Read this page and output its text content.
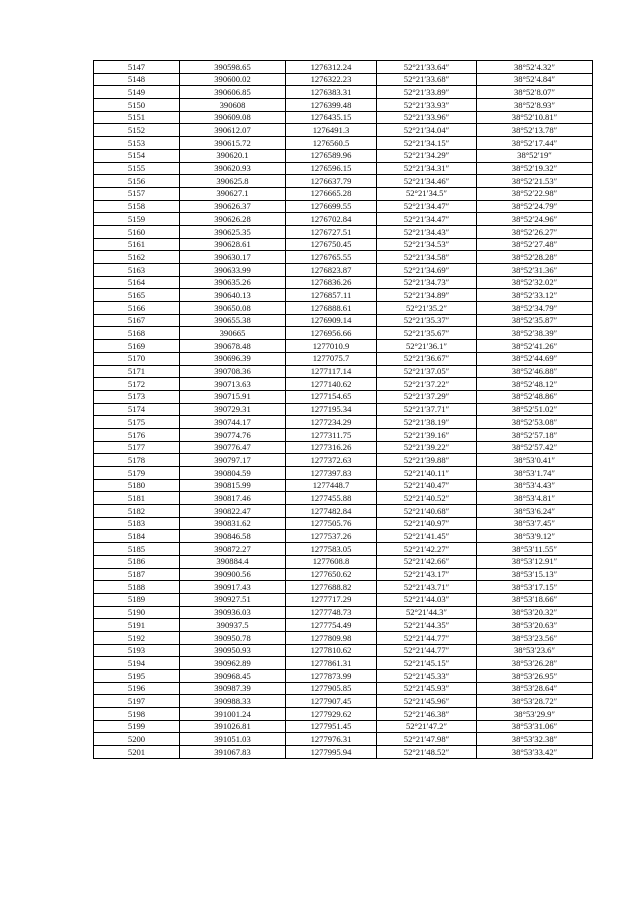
5147	390598.65	1276312.24	52°21′33.64″	38°52′4.32″
5148	390600.02	1276322.23	52°21′33.68″	38°52′4.84″
5149	390606.85	1276383.31	52°21′33.89″	38°52′8.07″
5150	390608	1276399.48	52°21′33.93″	38°52′8.93″
5151	390609.08	1276435.15	52°21′33.96″	38°52′10.81″
5152	390612.07	1276491.3	52°21′34.04″	38°52′13.78″
5153	390615.72	1276560.5	52°21′34.15″	38°52′17.44″
5154	390620.1	1276589.96	52°21′34.29″	38°52′19″
5155	390620.93	1276596.15	52°21′34.31″	38°52′19.32″
5156	390625.8	1276637.79	52°21′34.46″	38°52′21.53″
5157	390627.1	1276665.28	52°21′34.5″	38°52′22.98″
5158	390626.37	1276699.55	52°21′34.47″	38°52′24.79″
5159	390626.28	1276702.84	52°21′34.47″	38°52′24.96″
5160	390625.35	1276727.51	52°21′34.43″	38°52′26.27″
5161	390628.61	1276750.45	52°21′34.53″	38°52′27.48″
5162	390630.17	1276765.55	52°21′34.58″	38°52′28.28″
5163	390633.99	1276823.87	52°21′34.69″	38°52′31.36″
5164	390635.26	1276836.26	52°21′34.73″	38°52′32.02″
5165	390640.13	1276857.11	52°21′34.89″	38°52′33.12″
5166	390650.08	1276888.61	52°21′35.2″	38°52′34.79″
5167	390655.38	1276909.14	52°21′35.37″	38°52′35.87″
5168	390665	1276956.66	52°21′35.67″	38°52′38.39″
5169	390678.48	1277010.9	52°21′36.1″	38°52′41.26″
5170	390696.39	1277075.7	52°21′36.67″	38°52′44.69″
5171	390708.36	1277117.14	52°21′37.05″	38°52′46.88″
5172	390713.63	1277140.62	52°21′37.22″	38°52′48.12″
5173	390715.91	1277154.65	52°21′37.29″	38°52′48.86″
5174	390729.31	1277195.34	52°21′37.71″	38°52′51.02″
5175	390744.17	1277234.29	52°21′38.19″	38°52′53.08″
5176	390774.76	1277311.75	52°21′39.16″	38°52′57.18″
5177	390776.47	1277316.26	52°21′39.22″	38°52′57.42″
5178	390797.17	1277372.63	52°21′39.88″	38°53′0.41″
5179	390804.59	1277397.83	52°21′40.11″	38°53′1.74″
5180	390815.99	1277448.7	52°21′40.47″	38°53′4.43″
5181	390817.46	1277455.88	52°21′40.52″	38°53′4.81″
5182	390822.47	1277482.84	52°21′40.68″	38°53′6.24″
5183	390831.62	1277505.76	52°21′40.97″	38°53′7.45″
5184	390846.58	1277537.26	52°21′41.45″	38°53′9.12″
5185	390872.27	1277583.05	52°21′42.27″	38°53′11.55″
5186	390884.4	1277608.8	52°21′42.66″	38°53′12.91″
5187	390900.56	1277650.62	52°21′43.17″	38°53′15.13″
5188	390917.43	1277688.82	52°21′43.71″	38°53′17.15″
5189	390927.51	1277717.29	52°21′44.03″	38°53′18.66″
5190	390936.03	1277748.73	52°21′44.3″	38°53′20.32″
5191	390937.5	1277754.49	52°21′44.35″	38°53′20.63″
5192	390950.78	1277809.98	52°21′44.77″	38°53′23.56″
5193	390950.93	1277810.62	52°21′44.77″	38°53′23.6″
5194	390962.89	1277861.31	52°21′45.15″	38°53′26.28″
5195	390968.45	1277873.99	52°21′45.33″	38°53′26.95″
5196	390987.39	1277905.85	52°21′45.93″	38°53′28.64″
5197	390988.33	1277907.45	52°21′45.96″	38°53′28.72″
5198	391001.24	1277929.62	52°21′46.38″	38°53′29.9″
5199	391026.81	1277951.45	52°21′47.2″	38°53′31.06″
5200	391051.03	1277976.31	52°21′47.98″	38°53′32.38″
5201	391067.83	1277995.94	52°21′48.52″	38°53′33.42″
